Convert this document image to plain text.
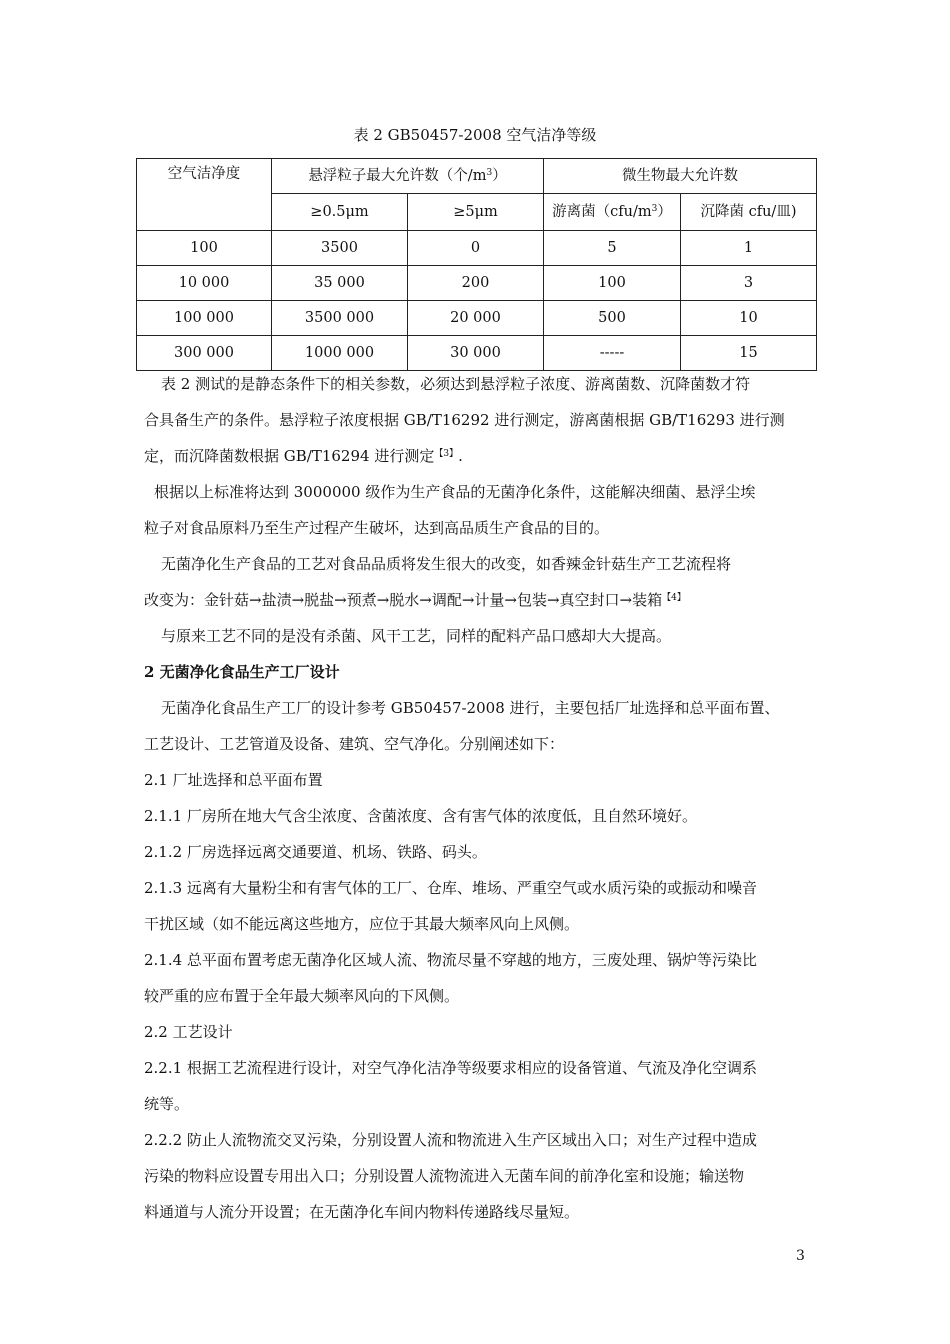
表 2 GB50457-2008 空气洁净等级
空气洁净度	悬浮粒子最大允许数（个$/m^3$）		微生物最大允许数	
	≥0.5μm	≥5μm	游离菌$(cfu/m^3)$	沉降菌 cfu/皿)
100	3500	0	5	1
10 000	35 000	200	100	3
100 000	3500 000	20 000	500	10
300 000	1000 000	30 000	-----	15
表 2 测试的是静态条件下的相关参数，必须达到悬浮粒子浓度、游离菌数、沉降菌数才符
合具备生产的条件。悬浮粒子浓度根据 GB/T16292 进行测定，游离菌根据 GB/T16293 进行测
定，而沉降菌数根据 GB/T16294 进行测定$^{【3】}$.
根据以上标准将达到 3000000 级作为生产食品的无菌净化条件，这能解决细菌、悬浮尘埃
粒子对食品原料乃至生产过程产生破坏，达到高品质生产食品的目的。
无菌净化生产食品的工艺对食品品质将发生很大的改变，如香辣金针菇生产工艺流程将
改变为：金针菇→盐渍→脱盐→预煮→脱水→调配→计量→包装→真空封口→装箱$^{【4】}$
与原来工艺不同的是没有杀菌、风干工艺，同样的配料产品口感却大大提高。
2 无菌净化食品生产工厂设计
无菌净化食品生产工厂的设计参考 GB50457-2008 进行，主要包括厂址选择和总平面布置、
工艺设计、工艺管道及设备、建筑、空气净化。分别阐述如下：
2.1 厂址选择和总平面布置
2.1.1 厂房所在地大气含尘浓度、含菌浓度、含有害气体的浓度低，且自然环境好。
2.1.2 厂房选择远离交通要道、机场、铁路、码头。
2.1.3 远离有大量粉尘和有害气体的工厂、仓库、堆场、严重空气或水质污染的或振动和噪音
干扰区域（如不能远离这些地方，应位于其最大频率风向上风侧。
2.1.4 总平面布置考虑无菌净化区域人流、物流尽量不穿越的地方，三废处理、锅炉等污染比
较严重的应布置于全年最大频率风向的下风侧。
2.2 工艺设计
2.2.1 根据工艺流程进行设计，对空气净化洁净等级要求相应的设备管道、气流及净化空调系
统等。
2.2.2 防止人流物流交叉污染，分别设置人流和物流进入生产区域出入口；对生产过程中造成
污染的物料应设置专用出入口；分别设置人流物流进入无菌车间的前净化室和设施；输送物
料通道与人流分开设置；在无菌净化车间内物料传递路线尽量短。
3
